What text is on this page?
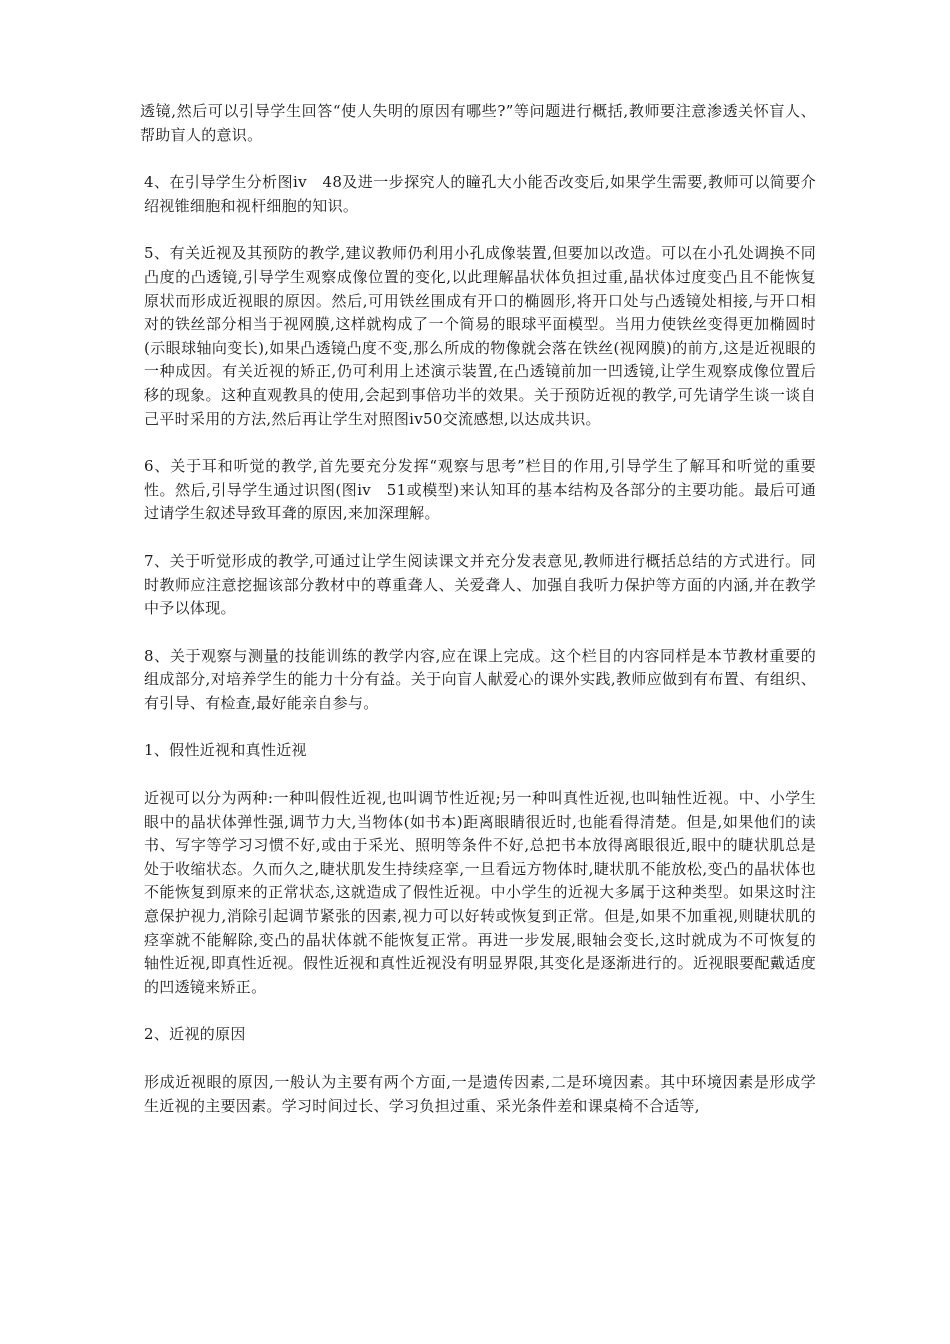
透镜,然后可以引导学生回答“使人失明的原因有哪些?”等问题进行概括,教师要注意渗透关怀盲人、帮助盲人的意识。

4、在引导学生分析图iv　48及进一步探究人的瞳孔大小能否改变后,如果学生需要,教师可以简要介绍视锥细胞和视杆细胞的知识。

5、有关近视及其预防的教学,建议教师仍利用小孔成像装置,但要加以改造。可以在小孔处调换不同凸度的凸透镜,引导学生观察成像位置的变化,以此理解晶状体负担过重,晶状体过度变凸且不能恢复原状而形成近视眼的原因。然后,可用铁丝围成有开口的椭圆形,将开口处与凸透镜处相接,与开口相对的铁丝部分相当于视网膜,这样就构成了一个简易的眼球平面模型。当用力使铁丝变得更加椭圆时(示眼球轴向变长),如果凸透镜凸度不变,那么所成的物像就会落在铁丝(视网膜)的前方,这是近视眼的一种成因。有关近视的矫正,仍可利用上述演示装置,在凸透镜前加一凹透镜,让学生观察成像位置后移的现象。这种直观教具的使用,会起到事倍功半的效果。关于预防近视的教学,可先请学生谈一谈自己平时采用的方法,然后再让学生对照图iv50交流感想,以达成共识。

6、关于耳和听觉的教学,首先要充分发挥“观察与思考”栏目的作用,引导学生了解耳和听觉的重要性。然后,引导学生通过识图(图iv　51或模型)来认知耳的基本结构及各部分的主要功能。最后可通过请学生叙述导致耳聋的原因,来加深理解。

7、关于听觉形成的教学,可通过让学生阅读课文并充分发表意见,教师进行概括总结的方式进行。同时教师应注意挖掘该部分教材中的尊重聋人、关爱聋人、加强自我听力保护等方面的内涵,并在教学中予以体现。

8、关于观察与测量的技能训练的教学内容,应在课上完成。这个栏目的内容同样是本节教材重要的组成部分,对培养学生的能力十分有益。关于向盲人献爱心的课外实践,教师应做到有布置、有组织、有引导、有检查,最好能亲自参与。

1、假性近视和真性近视

近视可以分为两种:一种叫假性近视,也叫调节性近视;另一种叫真性近视,也叫轴性近视。中、小学生眼中的晶状体弹性强,调节力大,当物体(如书本)距离眼睛很近时,也能看得清楚。但是,如果他们的读书、写字等学习习惯不好,或由于采光、照明等条件不好,总把书本放得离眼很近,眼中的睫状肌总是处于收缩状态。久而久之,睫状肌发生持续痉挛,一旦看远方物体时,睫状肌不能放松,变凸的晶状体也不能恢复到原来的正常状态,这就造成了假性近视。中小学生的近视大多属于这种类型。如果这时注意保护视力,消除引起调节紧张的因素,视力可以好转或恢复到正常。但是,如果不加重视,则睫状肌的痉挛就不能解除,变凸的晶状体就不能恢复正常。再进一步发展,眼轴会变长,这时就成为不可恢复的轴性近视,即真性近视。假性近视和真性近视没有明显界限,其变化是逐渐进行的。近视眼要配戴适度的凹透镜来矫正。

2、近视的原因

形成近视眼的原因,一般认为主要有两个方面,一是遗传因素,二是环境因素。其中环境因素是形成学生近视的主要因素。学习时间过长、学习负担过重、采光条件差和课桌椅不合适等,
